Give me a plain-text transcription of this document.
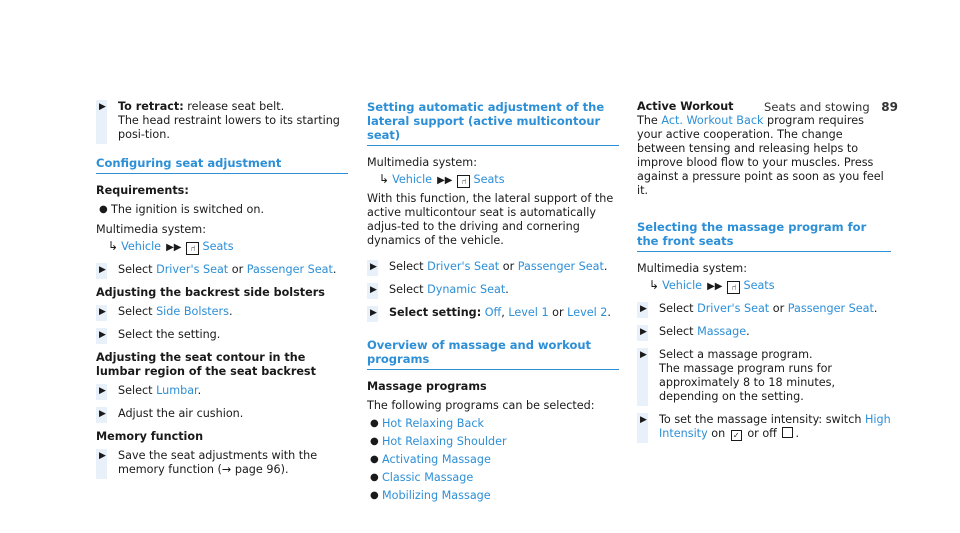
Seats and stowing 89
▶ To retract: release seat belt.
The head restraint lowers to its starting posi-tion.
Configuring seat adjustment
Requirements:
● The ignition is switched on.
Multimedia system:
↳ Vehicle ▶▶ ⑁ Seats
▶ Select Driver's Seat or Passenger Seat.
Adjusting the backrest side bolsters
▶ Select Side Bolsters.
▶ Select the setting.
Adjusting the seat contour in the lumbar region of the seat backrest
▶ Select Lumbar.
▶ Adjust the air cushion.
Memory function
▶ Save the seat adjustments with the memory function (→ page 96).
Setting automatic adjustment of the lateral support (active multicontour seat)
Multimedia system:
↳ Vehicle ▶▶ ⑁ Seats
With this function, the lateral support of the active multicontour seat is automatically adjus-ted to the driving and cornering dynamics of the vehicle.
▶ Select Driver's Seat or Passenger Seat.
▶ Select Dynamic Seat.
▶ Select setting: Off, Level 1 or Level 2.
Overview of massage and workout programs
Massage programs
The following programs can be selected:
● Hot Relaxing Back
● Hot Relaxing Shoulder
● Activating Massage
● Classic Massage
● Mobilizing Massage
Active Workout
The Act. Workout Back program requires your active cooperation. The change between tensing and releasing helps to improve blood flow to your muscles. Press against a pressure point as soon as you feel it.
Selecting the massage program for the front seats
Multimedia system:
↳ Vehicle ▶▶ ⑁ Seats
▶ Select Driver's Seat or Passenger Seat.
▶ Select Massage.
▶ Select a massage program.
The massage program runs for approximately 8 to 18 minutes, depending on the setting.
▶ To set the massage intensity: switch High Intensity on ✓ or off .
